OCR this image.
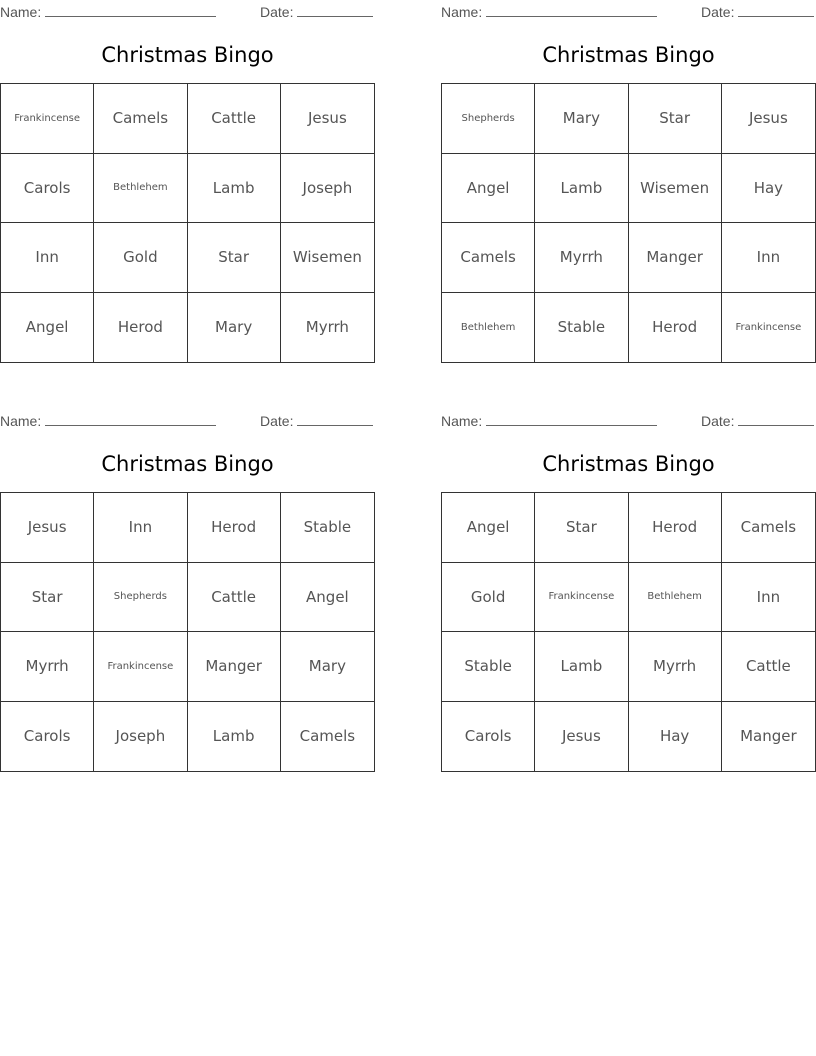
Name:	Date:
Christmas Bingo
Frankincense	Camels	Cattle	Jesus
Carols	Bethlehem	Lamb	Joseph
Inn	Gold	Star	Wisemen
Angel	Herod	Mary	Myrrh
Name:	Date:
Christmas Bingo
Shepherds	Mary	Star	Jesus
Angel	Lamb	Wisemen	Hay
Camels	Myrrh	Manger	Inn
Bethlehem	Stable	Herod	Frankincense
Name:	Date:
Christmas Bingo
Jesus	Inn	Herod	Stable
Star	Shepherds	Cattle	Angel
Myrrh	Frankincense	Manger	Mary
Carols	Joseph	Lamb	Camels
Name:	Date:
Christmas Bingo
Angel	Star	Herod	Camels
Gold	Frankincense	Bethlehem	Inn
Stable	Lamb	Myrrh	Cattle
Carols	Jesus	Hay	Manger
